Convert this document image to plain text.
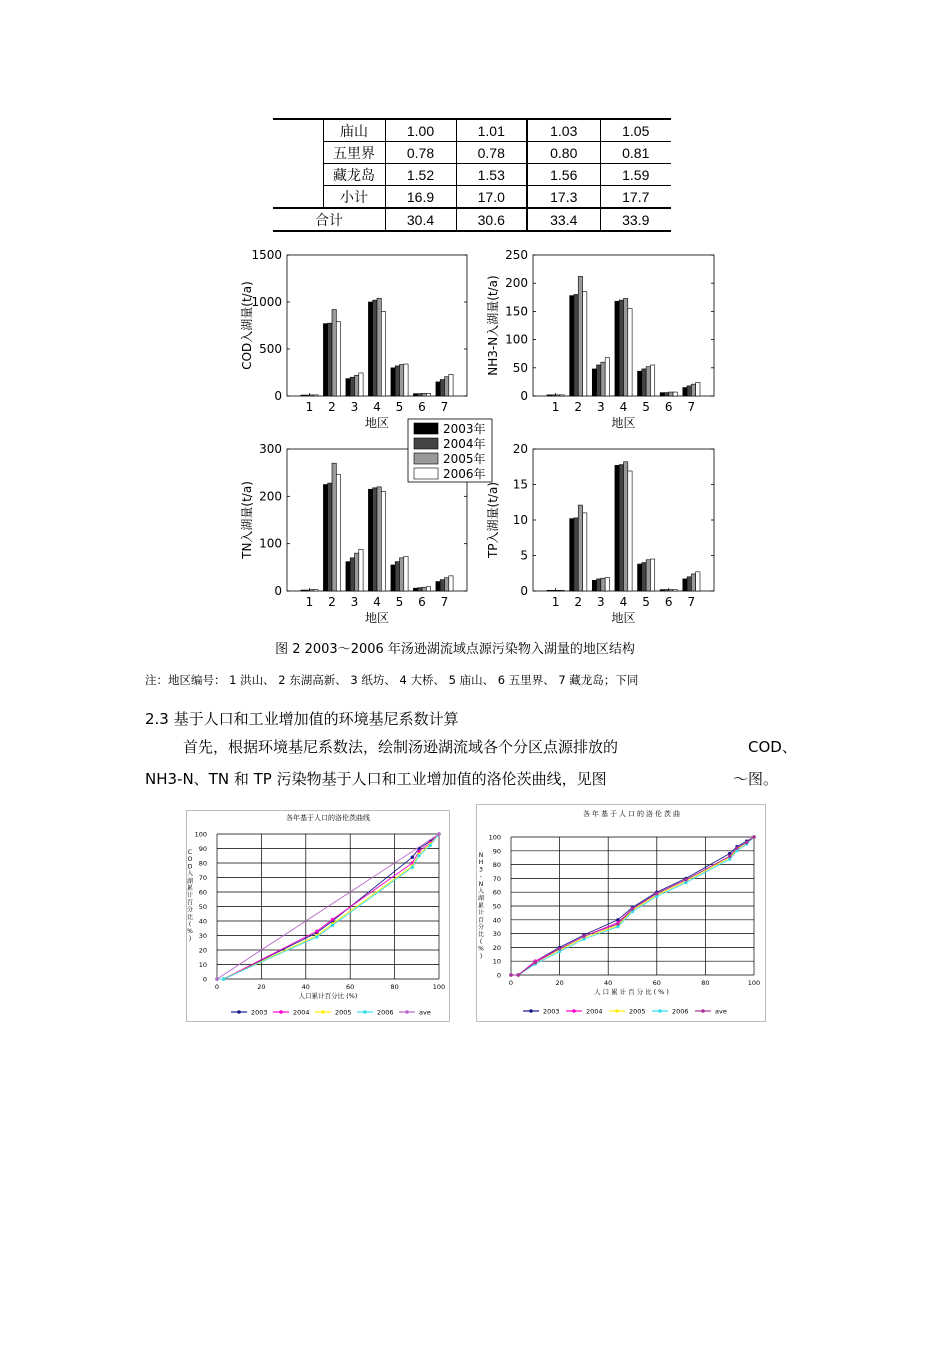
	庙山	1.00	1.01	1.03	1.05
	五里界	0.78	0.78	0.80	0.81
	藏龙岛	1.52	1.53	1.56	1.59
	小计	16.9	17.0	17.3	17.7
合计		30.4	30.6	33.4	33.9
0
500
1000
1500
1 2 3 4 5 6 7
地区
COD入湖量(t/a)
0
50
100
150
200
250
1 2 3 4 5 6 7
地区
NH3-N入湖量(t/a)
0
100
200
300
1 2 3 4 5 6 7
地区
TN入湖量(t/a)
0
5
10
15
20
1 2 3 4 5 6 7
地区
TP入湖量(t/a)
2003年
2004年
2005年
2006年
图 2 2003～2006 年汤逊湖流域点源污染物入湖量的地区结构
注：地区编号： 1 洪山、 2 东湖高新、 3 纸坊、 4 大桥、 5 庙山、 6 五里界、 7 藏龙岛；下同
2.3 基于人口和工业增加值的环境基尼系数计算
首先，根据环境基尼系数法，绘制汤逊湖流域各个分区点源排放的	COD、
NH3-N、TN 和 TP 污染物基于人口和工业增加值的洛伦茨曲线，见图	～图。
各年基于人口的洛伦茨曲线
0
10
20
30
40
50
60
70
80
90
100
0	20	40	60	80	100
人口累计百分比 (%)
C O D 入湖累计百分比( % )
2003	2004	2005	2006	ave
各年基于人口的洛伦茨曲
0
10
20
30
40
50
60
70
80
90
100
0	20	40	60	80	100
人口累计百分比(%)
N H 3 -N 入湖累计百分比( % )
2003	2004	2005	2006	ave
